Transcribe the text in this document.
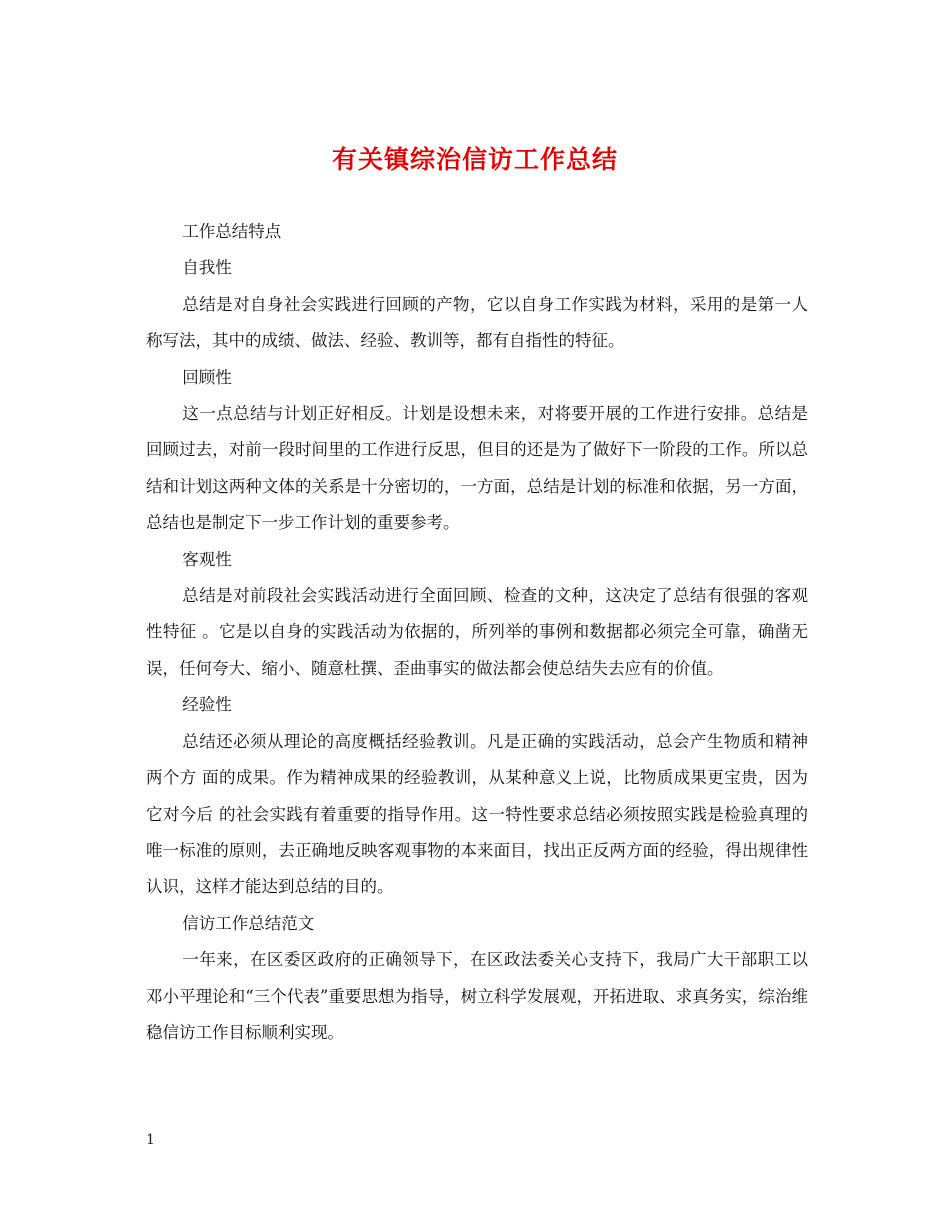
有关镇综治信访工作总结

工作总结特点

自我性

总结是对自身社会实践进行回顾的产物，它以自身工作实践为材料，采用的是第一人称写法，其中的成绩、做法、经验、教训等，都有自指性的特征。

回顾性

这一点总结与计划正好相反。计划是设想未来，对将要开展的工作进行安排。总结是回顾过去，对前一段时间里的工作进行反思，但目的还是为了做好下一阶段的工作。所以总结和计划这两种文体的关系是十分密切的，一方面，总结是计划的标准和依据，另一方面，总结也是制定下一步工作计划的重要参考。

客观性

总结是对前段社会实践活动进行全面回顾、检查的文种，这决定了总结有很强的客观性特征 。它是以自身的实践活动为依据的，所列举的事例和数据都必须完全可靠，确凿无误，任何夸大、缩小、随意杜撰、歪曲事实的做法都会使总结失去应有的价值。

经验性

总结还必须从理论的高度概括经验教训。凡是正确的实践活动，总会产生物质和精神两个方 面的成果。作为精神成果的经验教训，从某种意义上说，比物质成果更宝贵，因为它对今后 的社会实践有着重要的指导作用。这一特性要求总结必须按照实践是检验真理的唯一标准的原则，去正确地反映客观事物的本来面目，找出正反两方面的经验，得出规律性认识，这样才能达到总结的目的。

信访工作总结范文

一年来，在区委区政府的正确领导下，在区政法委关心支持下，我局广大干部职工以邓小平理论和“三个代表”重要思想为指导，树立科学发展观，开拓进取、求真务实，综治维稳信访工作目标顺利实现。

1
